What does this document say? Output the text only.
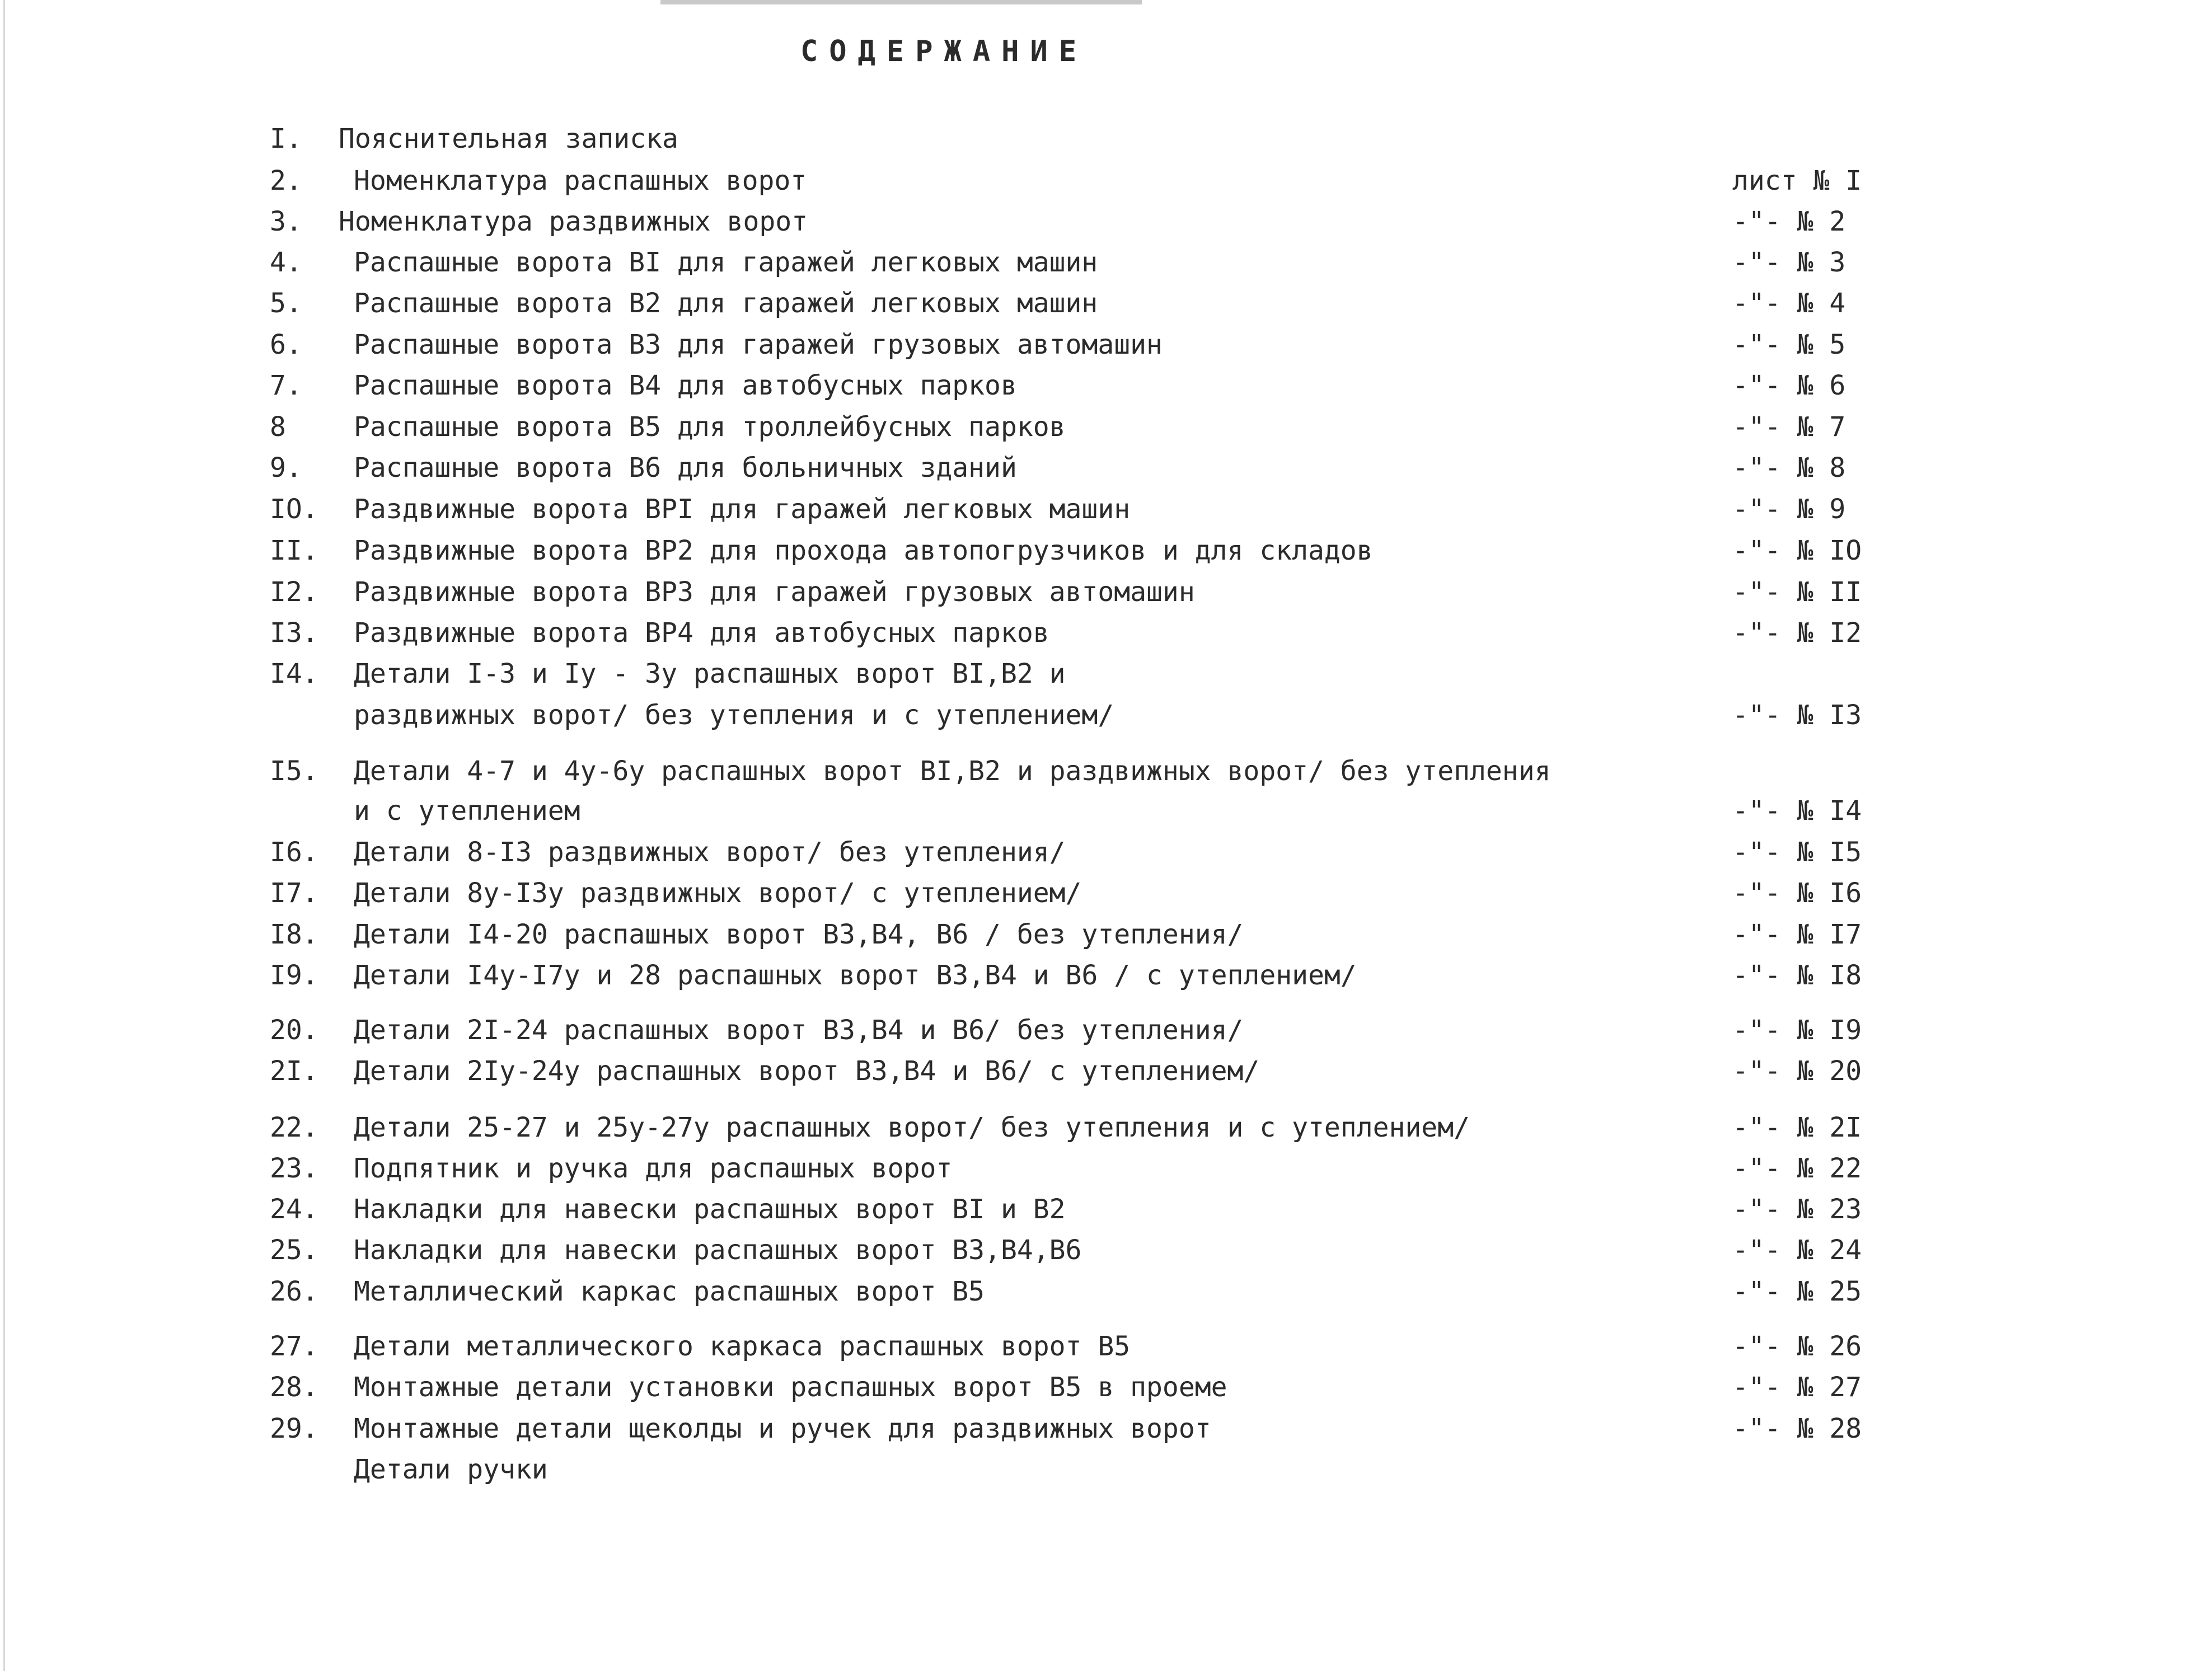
СОДЕРЖАНИЕ
I. Пояснительная записка
2. Номенклатура распашных ворот	лист № I
3. Номенклатура раздвижных ворот	-"- № 2
4. Распашные ворота BI для гаражей легковых машин	-"- № 3
5. Распашные ворота B2 для гаражей легковых машин	-"- № 4
6. Распашные ворота B3 для гаражей грузовых автомашин	-"- № 5
7. Распашные ворота B4 для автобусных парков	-"- № 6
8	Распашные ворота B5 для троллейбусных парков	-"- № 7
9. Распашные ворота B6 для больничных зданий	-"- № 8
IO. Раздвижные ворота BPI для гаражей легковых машин	-"- № 9
II. Раздвижные ворота BP2 для прохода автопогрузчиков и для складов	-"- № IO
I2. Раздвижные ворота BP3 для гаражей грузовых автомашин	-"- № II
I3. Раздвижные ворота BP4 для автобусных парков	-"- № I2
I4. Детали I-3 и Iу - 3у распашных ворот BI,B2 и
раздвижных ворот/ без утепления и с утеплением/	-"- № I3
I5. Детали 4-7 и 4у-6у распашных ворот BI,B2 и раздвижных ворот/ без утепления
и с утеплением	-"- № I4
I6. Детали 8-I3 раздвижных ворот/ без утепления/	-"- № I5
I7. Детали 8у-I3у раздвижных ворот/ с утеплением/	-"- № I6
I8. Детали I4-20 распашных ворот B3,B4, B6 / без утепления/	-"- № I7
I9. Детали I4у-I7у и 28 распашных ворот B3,B4 и B6 / с утеплением/	-"- № I8
20. Детали 2I-24 распашных ворот B3,B4 и B6/ без утепления/	-"- № I9
2I. Детали 2Iу-24у распашных ворот B3,B4 и B6/ с утеплением/	-"- № 20
22. Детали 25-27 и 25у-27у распашных ворот/ без утепления и с утеплением/	-"- № 2I
23. Подпятник и ручка для распашных ворот	-"- № 22
24. Накладки для навески распашных ворот BI и B2	-"- № 23
25. Накладки для навески распашных ворот B3,B4,B6	-"- № 24
26. Металлический каркас распашных ворот B5	-"- № 25
27. Детали металлического каркаса распашных ворот B5	-"- № 26
28. Монтажные детали установки распашных ворот B5 в проеме	-"- № 27
29. Монтажные детали щеколды и ручек для раздвижных ворот	-"- № 28
Детали ручки
